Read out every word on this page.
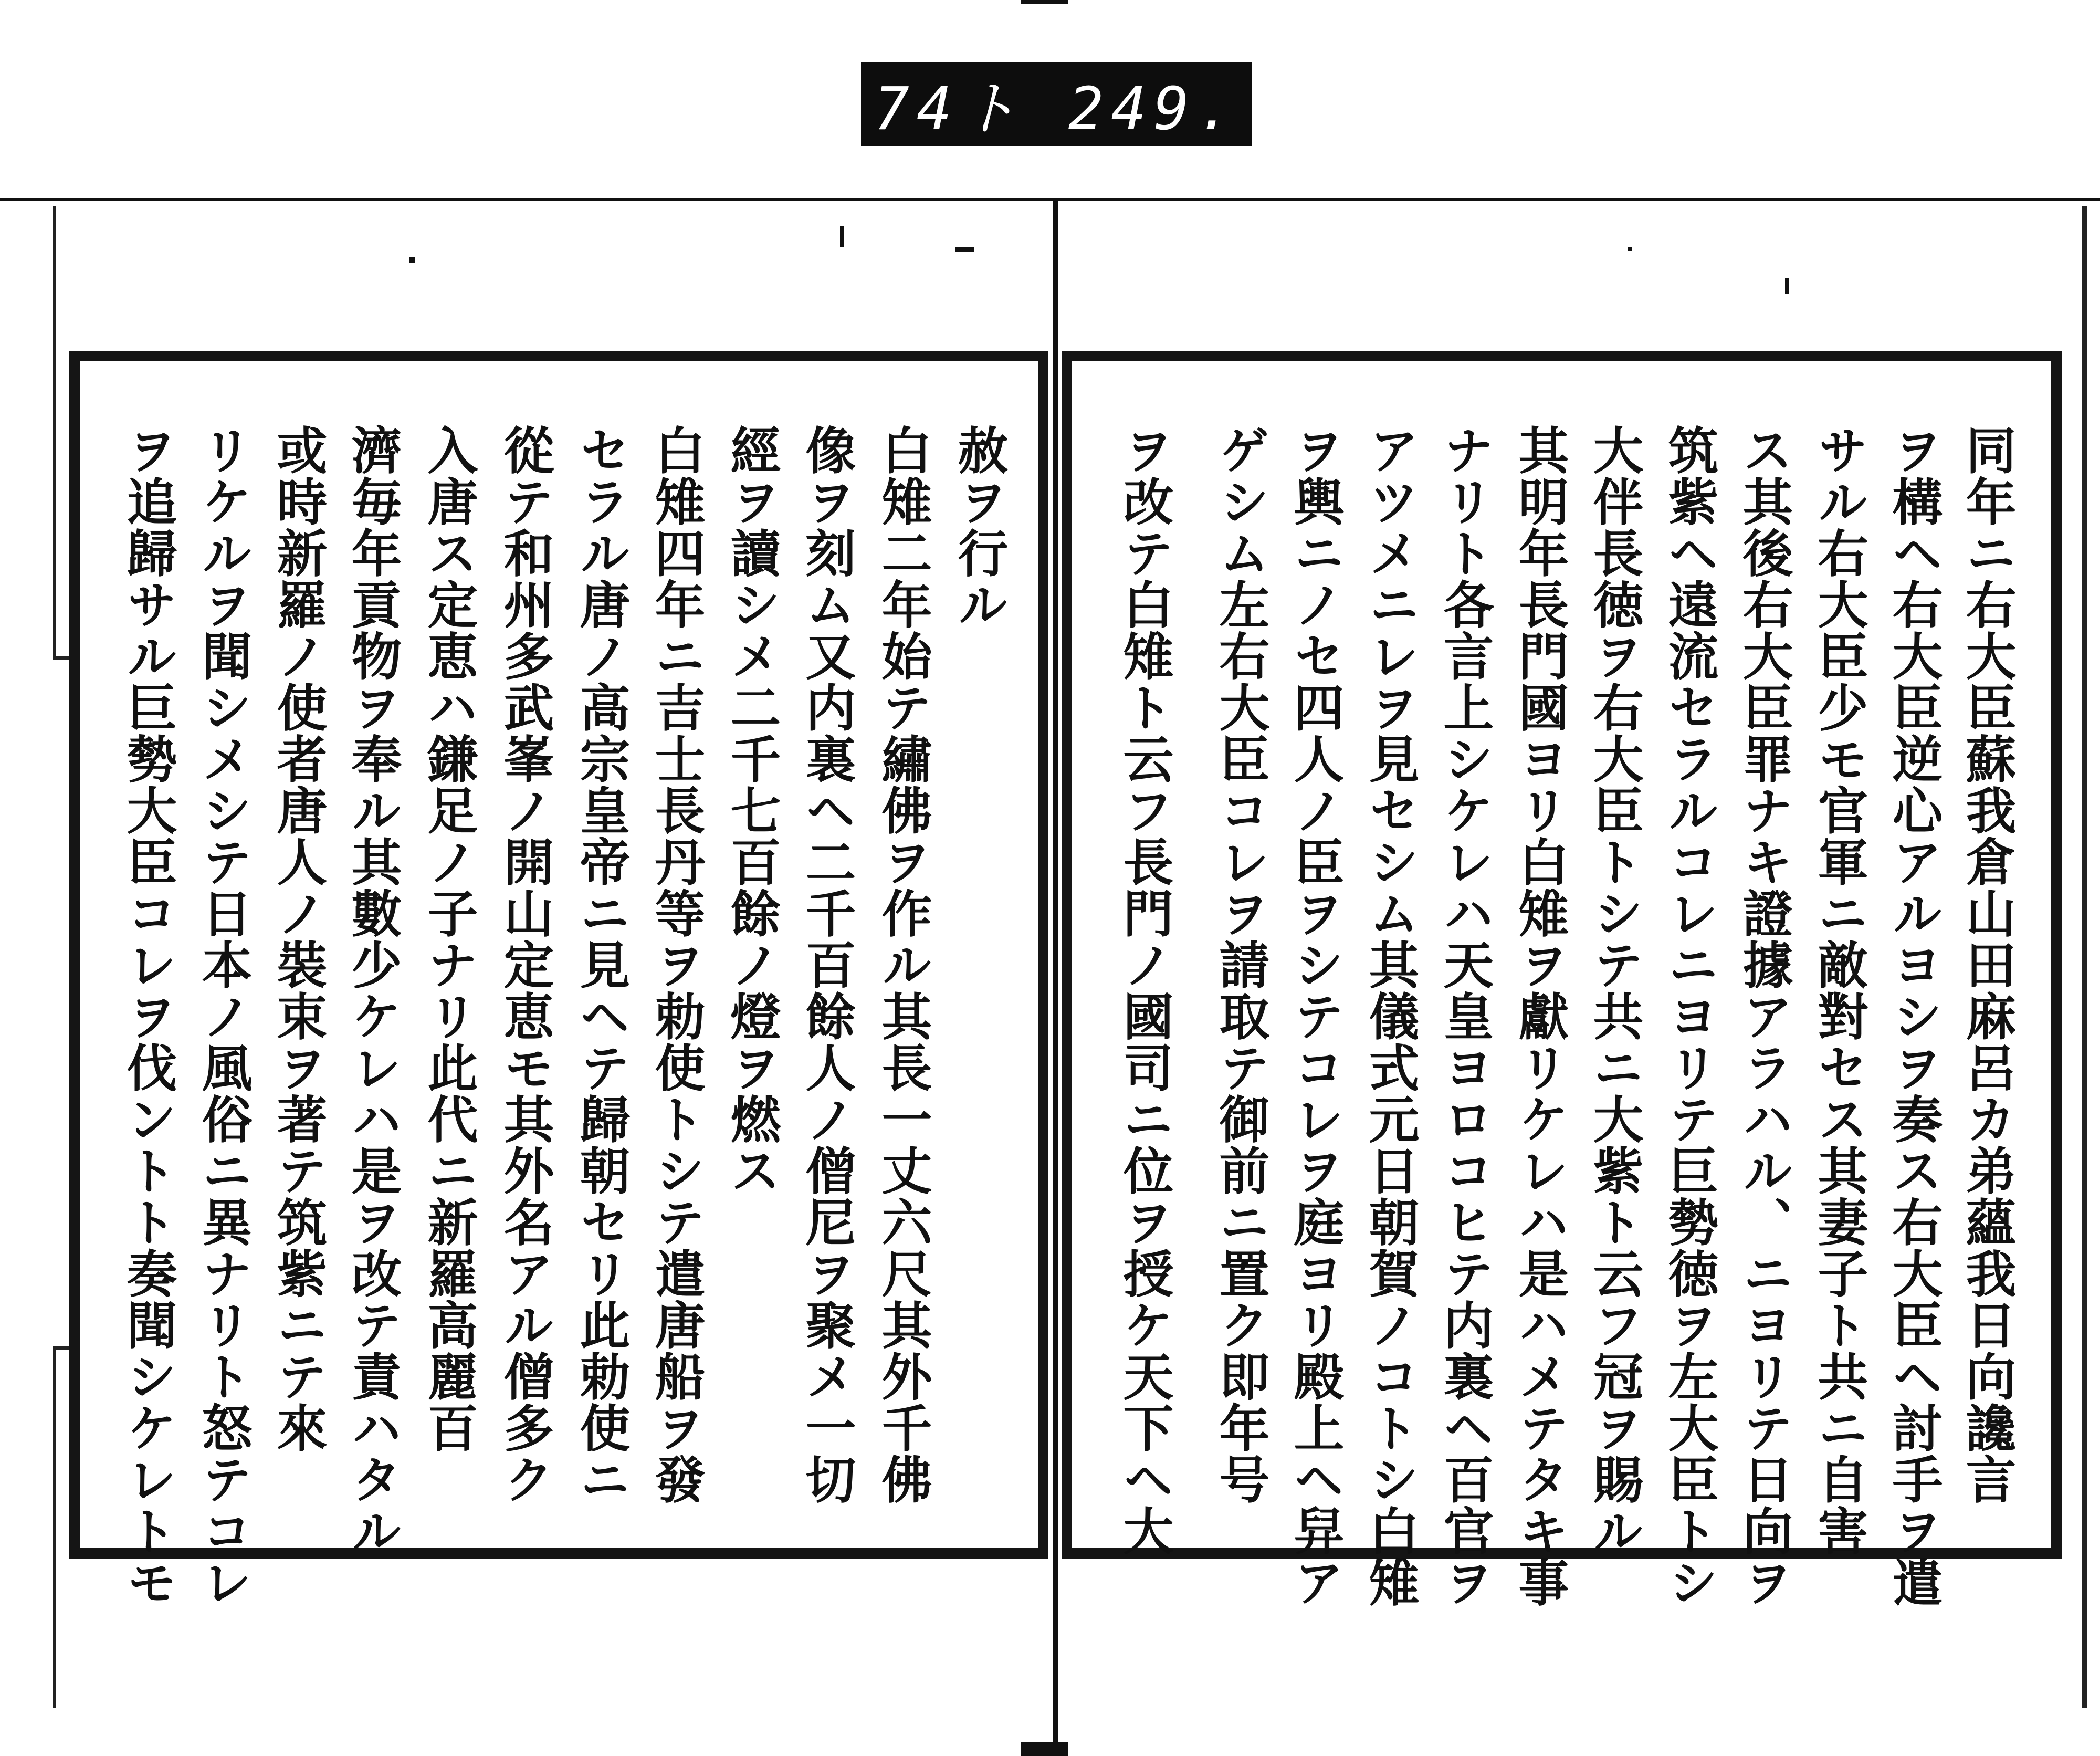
74ト 249.
赦ヲ行ル
白雉二年始テ繡佛ヲ作ル其長一丈六尺其外千佛
像ヲ刻ム又内裏ヘ二千百餘人ノ僧尼ヲ聚メ一切
經ヲ讀シメ二千七百餘ノ燈ヲ燃ス
白雉四年ニ吉士長丹等ヲ勅使トシテ遣唐船ヲ發
セラル唐ノ高宗皇帝ニ見ヘテ歸朝セリ此勅使ニ
從テ和州多武峯ノ開山定恵モ其外名アル僧多ク
入唐ス定恵ハ鎌足ノ子ナリ此代ニ新羅高麗百
濟毎年貢物ヲ奉ル其數少ケレハ是ヲ改テ責ハタル
或時新羅ノ使者唐人ノ裝束ヲ著テ筑紫ニテ來
リケルヲ聞シメシテ日本ノ風俗ニ異ナリト怒テコレ
ヲ追歸サル巨勢大臣コレヲ伐ントト奏聞シケレトモ	同年ニ右大臣蘇我倉山田麻呂カ弟蘊我日向讒言
ヲ構ヘ右大臣逆心アルヨシヲ奏ス右大臣ヘ討手ヲ遣
サル右大臣少モ官軍ニ敵對セス其妻子ト共ニ自害
ス其後右大臣罪ナキ證據アラハル、ニヨリテ日向ヲ
筑紫ヘ遠流セラルコレニヨリテ巨勢徳ヲ左大臣トシ
大伴長徳ヲ右大臣トシテ共ニ大紫ト云フ冠ヲ賜ル
其明年長門國ヨリ白雉ヲ獻リケレハ是ハメテタキ事
ナリト各言上シケレハ天皇ヨロコヒテ内裏ヘ百官ヲ
アツメニレヲ見セシム其儀式元日朝賀ノコトシ白雉
ヲ輿ニノセ四人ノ臣ヲシテコレヲ庭ヨリ殿上ヘ舁ア
ゲシム左右大臣コレヲ請取テ御前ニ置ク即年号
ヲ改テ白雉ト云フ長門ノ國司ニ位ヲ授ケ天下ヘ大
